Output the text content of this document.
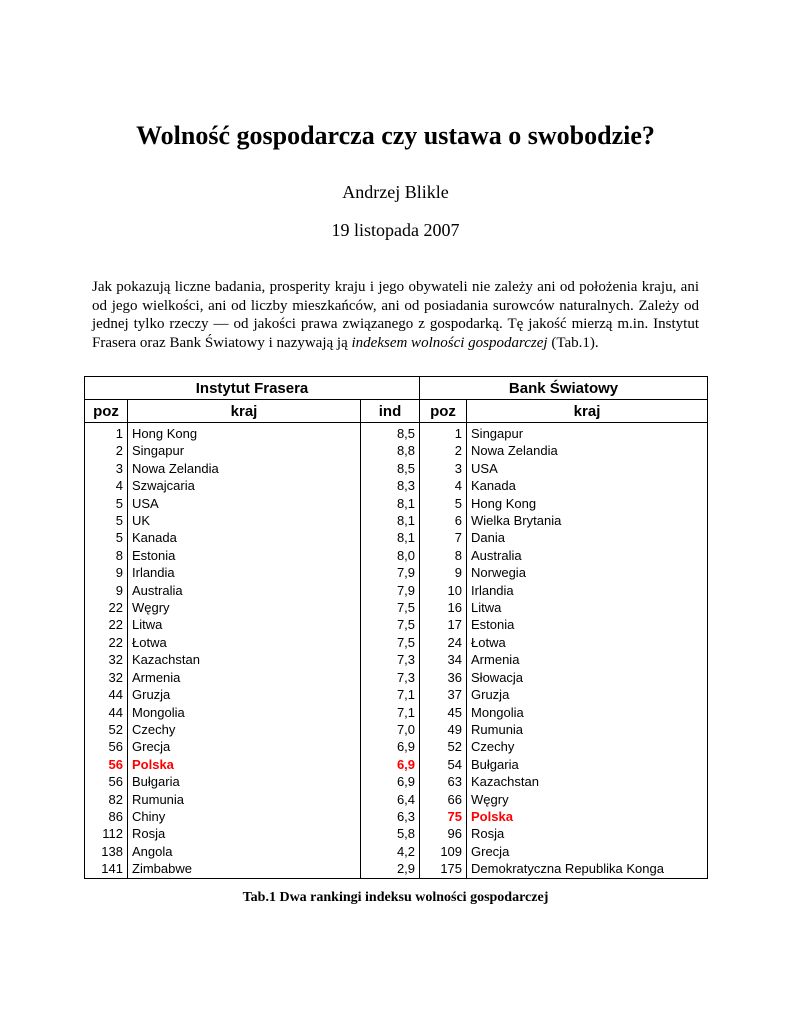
Wolność gospodarcza czy ustawa o swobodzie?
Andrzej Blikle
19 listopada 2007

Jak pokazują liczne badania, prosperity kraju i jego obywateli nie zależy ani od położenia kraju, ani od jego wielkości, ani od liczby mieszkańców, ani od posiadania surowców naturalnych. Zależy od jednej tylko rzeczy — od jakości prawa związanego z gospodarką. Tę jakość mierzą m.in. Instytut Frasera oraz Bank Światowy i nazywają ją indeksem wolności gospodarczej (Tab.1).

Instytut Frasera			Bank Światowy	
poz	kraj	ind	poz	kraj
1	Hong Kong	8,5	1	Singapur
2	Singapur	8,8	2	Nowa Zelandia
3	Nowa Zelandia	8,5	3	USA
4	Szwajcaria	8,3	4	Kanada
5	USA	8,1	5	Hong Kong
5	UK	8,1	6	Wielka Brytania
5	Kanada	8,1	7	Dania
8	Estonia	8,0	8	Australia
9	Irlandia	7,9	9	Norwegia
9	Australia	7,9	10	Irlandia
22	Węgry	7,5	16	Litwa
22	Litwa	7,5	17	Estonia
22	Łotwa	7,5	24	Łotwa
32	Kazachstan	7,3	34	Armenia
32	Armenia	7,3	36	Słowacja
44	Gruzja	7,1	37	Gruzja
44	Mongolia	7,1	45	Mongolia
52	Czechy	7,0	49	Rumunia
56	Grecja	6,9	52	Czechy
56	Polska	6,9	54	Bułgaria
56	Bułgaria	6,9	63	Kazachstan
82	Rumunia	6,4	66	Węgry
86	Chiny	6,3	75	Polska
112	Rosja	5,8	96	Rosja
138	Angola	4,2	109	Grecja
141	Zimbabwe	2,9	175	Demokratyczna Republika Konga
Tab.1 Dwa rankingi indeksu wolności gospodarczej
